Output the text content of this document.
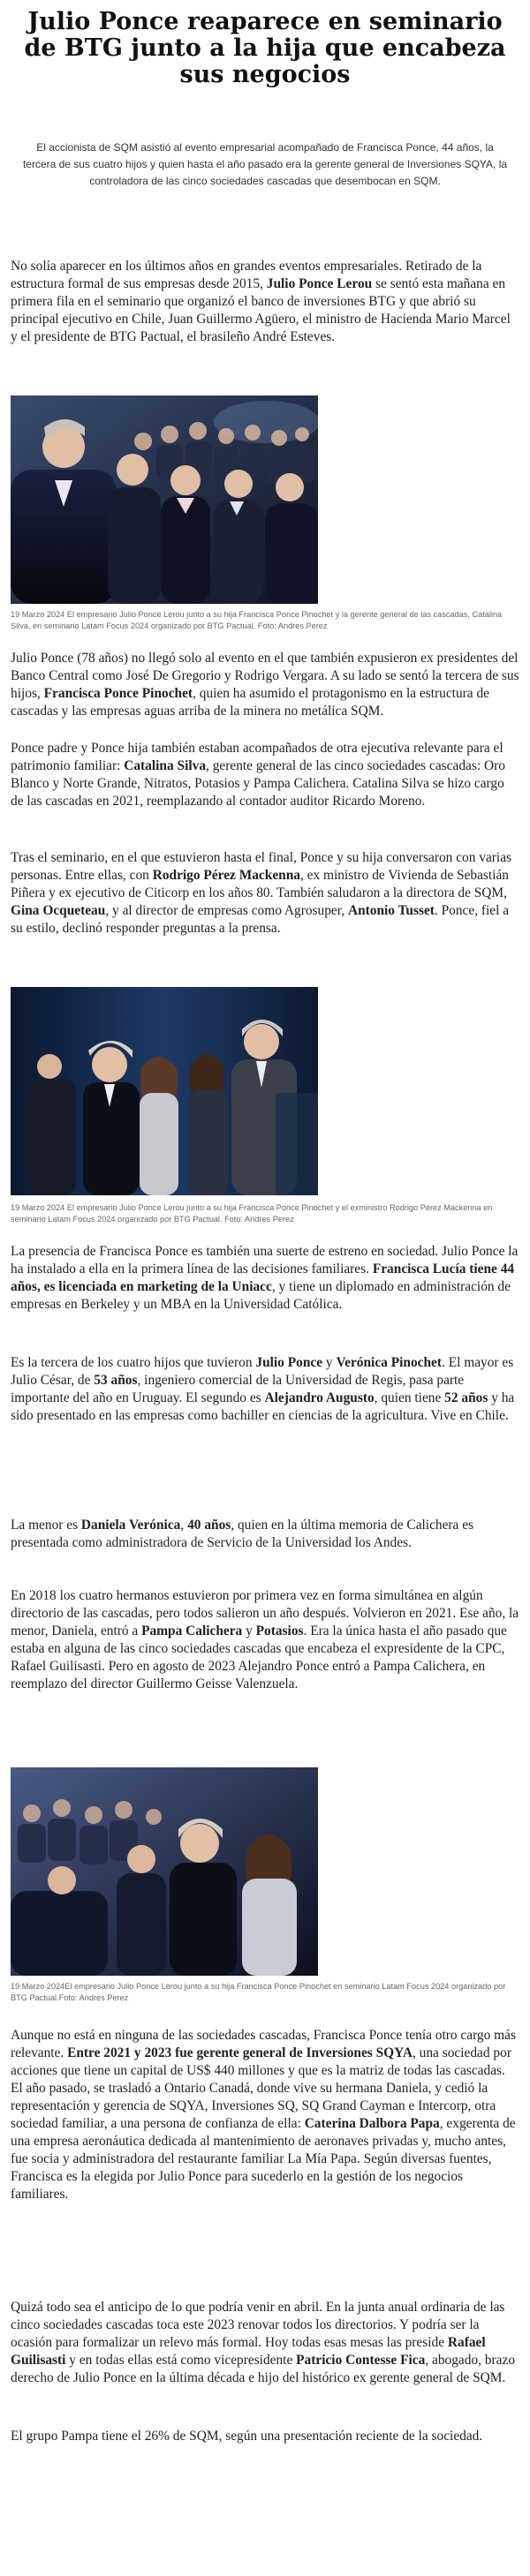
Julio Ponce reaparece en seminario de BTG junto a la hija que encabeza sus negocios

El accionista de SQM asistió al evento empresarial acompañado de Francisca Ponce, 44 años, la tercera de sus cuatro hijos y quien hasta el año pasado era la gerente general de Inversiones SQYA, la controladora de las cinco sociedades cascadas que desembocan en SQM.

No solía aparecer en los últimos años en grandes eventos empresariales. Retirado de la estructura formal de sus empresas desde 2015, Julio Ponce Lerou se sentó esta mañana en primera fila en el seminario que organizó el banco de inversiones BTG y que abrió su principal ejecutivo en Chile, Juan Guillermo Agüero, el ministro de Hacienda Mario Marcel y el presidente de BTG Pactual, el brasileño André Esteves.

19 Marzo 2024 El empresario Julio Ponce Lerou junto a su hija Francisca Ponce Pinochet y la gerente general de las cascadas, Catalina Silva, en seminario Latam Focus 2024 organizado por BTG Pactual. Foto: Andres Perez

Julio Ponce (78 años) no llegó solo al evento en el que también expusieron ex presidentes del Banco Central como José De Gregorio y Rodrigo Vergara. A su lado se sentó la tercera de sus hijos, Francisca Ponce Pinochet, quien ha asumido el protagonismo en la estructura de cascadas y las empresas aguas arriba de la minera no metálica SQM.

Ponce padre y Ponce hija también estaban acompañados de otra ejecutiva relevante para el patrimonio familiar: Catalina Silva, gerente general de las cinco sociedades cascadas: Oro Blanco y Norte Grande, Nitratos, Potasios y Pampa Calichera. Catalina Silva se hizo cargo de las cascadas en 2021, reemplazando al contador auditor Ricardo Moreno.

Tras el seminario, en el que estuvieron hasta el final, Ponce y su hija conversaron con varias personas. Entre ellas, con Rodrigo Pérez Mackenna, ex ministro de Vivienda de Sebastián Piñera y ex ejecutivo de Citicorp en los años 80. También saludaron a la directora de SQM, Gina Ocqueteau, y al director de empresas como Agrosuper, Antonio Tusset. Ponce, fiel a su estilo, declinó responder preguntas a la prensa.

19 Marzo 2024 El empresario Julio Ponce Lerou junto a su hija Francisca Ponce Pinochet y el exministro Rodrigo Pérez Mackenna en seminario Latam Focus 2024 organizado por BTG Pactual. Foto: Andres Perez

La presencia de Francisca Ponce es también una suerte de estreno en sociedad. Julio Ponce la ha instalado a ella en la primera línea de las decisiones familiares. Francisca Lucía tiene 44 años, es licenciada en marketing de la Uniacc, y tiene un diplomado en administración de empresas en Berkeley y un MBA en la Universidad Católica.

Es la tercera de los cuatro hijos que tuvieron Julio Ponce y Verónica Pinochet. El mayor es Julio César, de 53 años, ingeniero comercial de la Universidad de Regis, pasa parte importante del año en Uruguay. El segundo es Alejandro Augusto, quien tiene 52 años y ha sido presentado en las empresas como bachiller en ciencias de la agricultura. Vive en Chile.

La menor es Daniela Verónica, 40 años, quien en la última memoria de Calichera es presentada como administradora de Servicio de la Universidad los Andes.

En 2018 los cuatro hermanos estuvieron por primera vez en forma simultánea en algún directorio de las cascadas, pero todos salieron un año después. Volvieron en 2021. Ese año, la menor, Daniela, entró a Pampa Calichera y Potasios. Era la única hasta el año pasado que estaba en alguna de las cinco sociedades cascadas que encabeza el expresidente de la CPC, Rafael Guilisasti. Pero en agosto de 2023 Alejandro Ponce entró a Pampa Calichera, en reemplazo del director Guillermo Geisse Valenzuela.

19 Marzo 2024El empresario Julio Ponce Lerou junto a su hija Francisca Ponce Pinochet en seminario Latam Focus 2024 organizado por BTG Pactual.Foto: Andres Perez

Aunque no está en ninguna de las sociedades cascadas, Francisca Ponce tenía otro cargo más relevante. Entre 2021 y 2023 fue gerente general de Inversiones SQYA, una sociedad por acciones que tiene un capital de US$ 440 millones y que es la matriz de todas las cascadas. El año pasado, se trasladó a Ontario Canadá, donde vive su hermana Daniela, y cedió la representación y gerencia de SQYA, Inversiones SQ, SQ Grand Cayman e Intercorp, otra sociedad familiar, a una persona de confianza de ella: Caterina Dalbora Papa, exgerenta de una empresa aeronáutica dedicada al mantenimiento de aeronaves privadas y, mucho antes, fue socia y administradora del restaurante familiar La Mía Papa. Según diversas fuentes, Francisca es la elegida por Julio Ponce para sucederlo en la gestión de los negocios familiares.

Quizá todo sea el anticipo de lo que podría venir en abril. En la junta anual ordinaria de las cinco sociedades cascadas toca este 2023 renovar todos los directorios. Y podría ser la ocasión para formalizar un relevo más formal. Hoy todas esas mesas las preside Rafael Guilisasti y en todas ellas está como vicepresidente Patricio Contesse Fica, abogado, brazo derecho de Julio Ponce en la última década e hijo del histórico ex gerente general de SQM.

El grupo Pampa tiene el 26% de SQM, según una presentación reciente de la sociedad.
